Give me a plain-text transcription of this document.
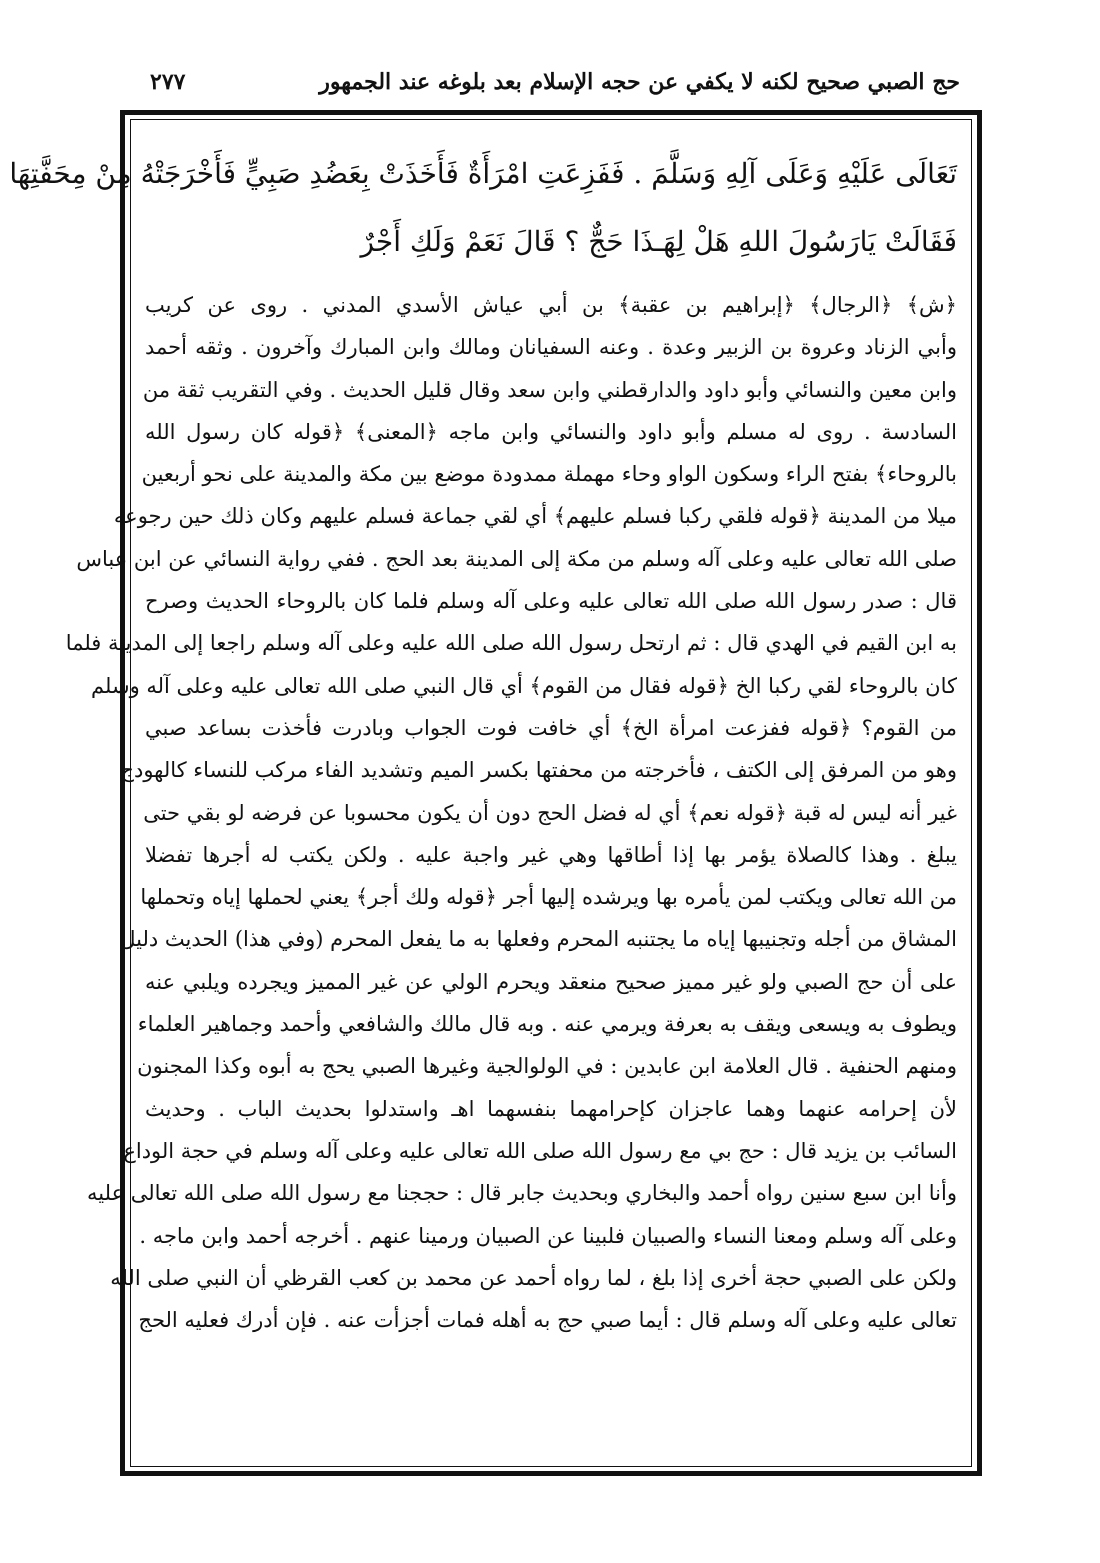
حج الصبي صحيح لكنه لا يكفي عن حجه الإسلام بعد بلوغه عند الجمهور
٢٧٧
تَعَالَى عَلَيْهِ وَعَلَى آلِهِ وَسَلَّمَ . فَفَزِعَتِ امْرَأَةٌ فَأَخَذَتْ بِعَضُدِ صَبِيٍّ فَأَخْرَجَتْهُ مِنْ مِحَفَّتِهَا
فَقَالَتْ يَارَسُولَ اللهِ هَلْ لِهَـذَا حَجٌّ ؟ قَالَ نَعَمْ وَلَكِ أَجْرٌ
﴿ش﴾ ﴿الرجال﴾ ﴿إبراهيم بن عقبة﴾ بن أبي عياش الأسدي المدني . روى عن كريب
وأبي الزناد وعروة بن الزبير وعدة . وعنه السفيانان ومالك وابن المبارك وآخرون . وثقه أحمد
وابن معين والنسائي وأبو داود والدارقطني وابن سعد وقال قليل الحديث . وفي التقريب ثقة من
السادسة . روى له مسلم وأبو داود والنسائي وابن ماجه ﴿المعنى﴾ ﴿قوله كان رسول الله
بالروحاء﴾ بفتح الراء وسكون الواو وحاء مهملة ممدودة موضع بين مكة والمدينة على نحو أربعين
ميلا من المدينة ﴿قوله فلقي ركبا فسلم عليهم﴾ أي لقي جماعة فسلم عليهم وكان ذلك حين رجوعه
صلى الله تعالى عليه وعلى آله وسلم من مكة إلى المدينة بعد الحج . ففي رواية النسائي عن ابن عباس
قال : صدر رسول الله صلى الله تعالى عليه وعلى آله وسلم فلما كان بالروحاء الحديث وصرح
به ابن القيم في الهدي قال : ثم ارتحل رسول الله صلى الله عليه وعلى آله وسلم راجعا إلى المدينة فلما
كان بالروحاء لقي ركبا الخ ﴿قوله فقال من القوم﴾ أي قال النبي صلى الله تعالى عليه وعلى آله وسلم
من القوم؟ ﴿قوله ففزعت امرأة الخ﴾ أي خافت فوت الجواب وبادرت فأخذت بساعد صبي
وهو من المرفق إلى الكتف ، فأخرجته من محفتها بكسر الميم وتشديد الفاء مركب للنساء كالهودج
غير أنه ليس له قبة ﴿قوله نعم﴾ أي له فضل الحج دون أن يكون محسوبا عن فرضه لو بقي حتى
يبلغ . وهذا كالصلاة يؤمر بها إذا أطاقها وهي غير واجبة عليه . ولكن يكتب له أجرها تفضلا
من الله تعالى ويكتب لمن يأمره بها ويرشده إليها أجر ﴿قوله ولك أجر﴾ يعني لحملها إياه وتحملها
المشاق من أجله وتجنيبها إياه ما يجتنبه المحرم وفعلها به ما يفعل المحرم (وفي هذا) الحديث دليل
على أن حج الصبي ولو غير مميز صحيح منعقد ويحرم الولي عن غير المميز ويجرده ويلبي عنه
ويطوف به ويسعى ويقف به بعرفة ويرمي عنه . وبه قال مالك والشافعي وأحمد وجماهير العلماء
ومنهم الحنفية . قال العلامة ابن عابدين : في الولوالجية وغيرها الصبي يحج به أبوه وكذا المجنون
لأن إحرامه عنهما وهما عاجزان كإحرامهما بنفسهما اهـ واستدلوا بحديث الباب . وحديث
السائب بن يزيد قال : حج بي مع رسول الله صلى الله تعالى عليه وعلى آله وسلم في حجة الوداع
وأنا ابن سبع سنين رواه أحمد والبخاري وبحديث جابر قال : حججنا مع رسول الله صلى الله تعالى عليه
وعلى آله وسلم ومعنا النساء والصبيان فلبينا عن الصبيان ورمينا عنهم . أخرجه أحمد وابن ماجه .
ولكن على الصبي حجة أخرى إذا بلغ ، لما رواه أحمد عن محمد بن كعب القرظي أن النبي صلى الله
تعالى عليه وعلى آله وسلم قال : أيما صبي حج به أهله فمات أجزأت عنه . فإن أدرك فعليه الحج
